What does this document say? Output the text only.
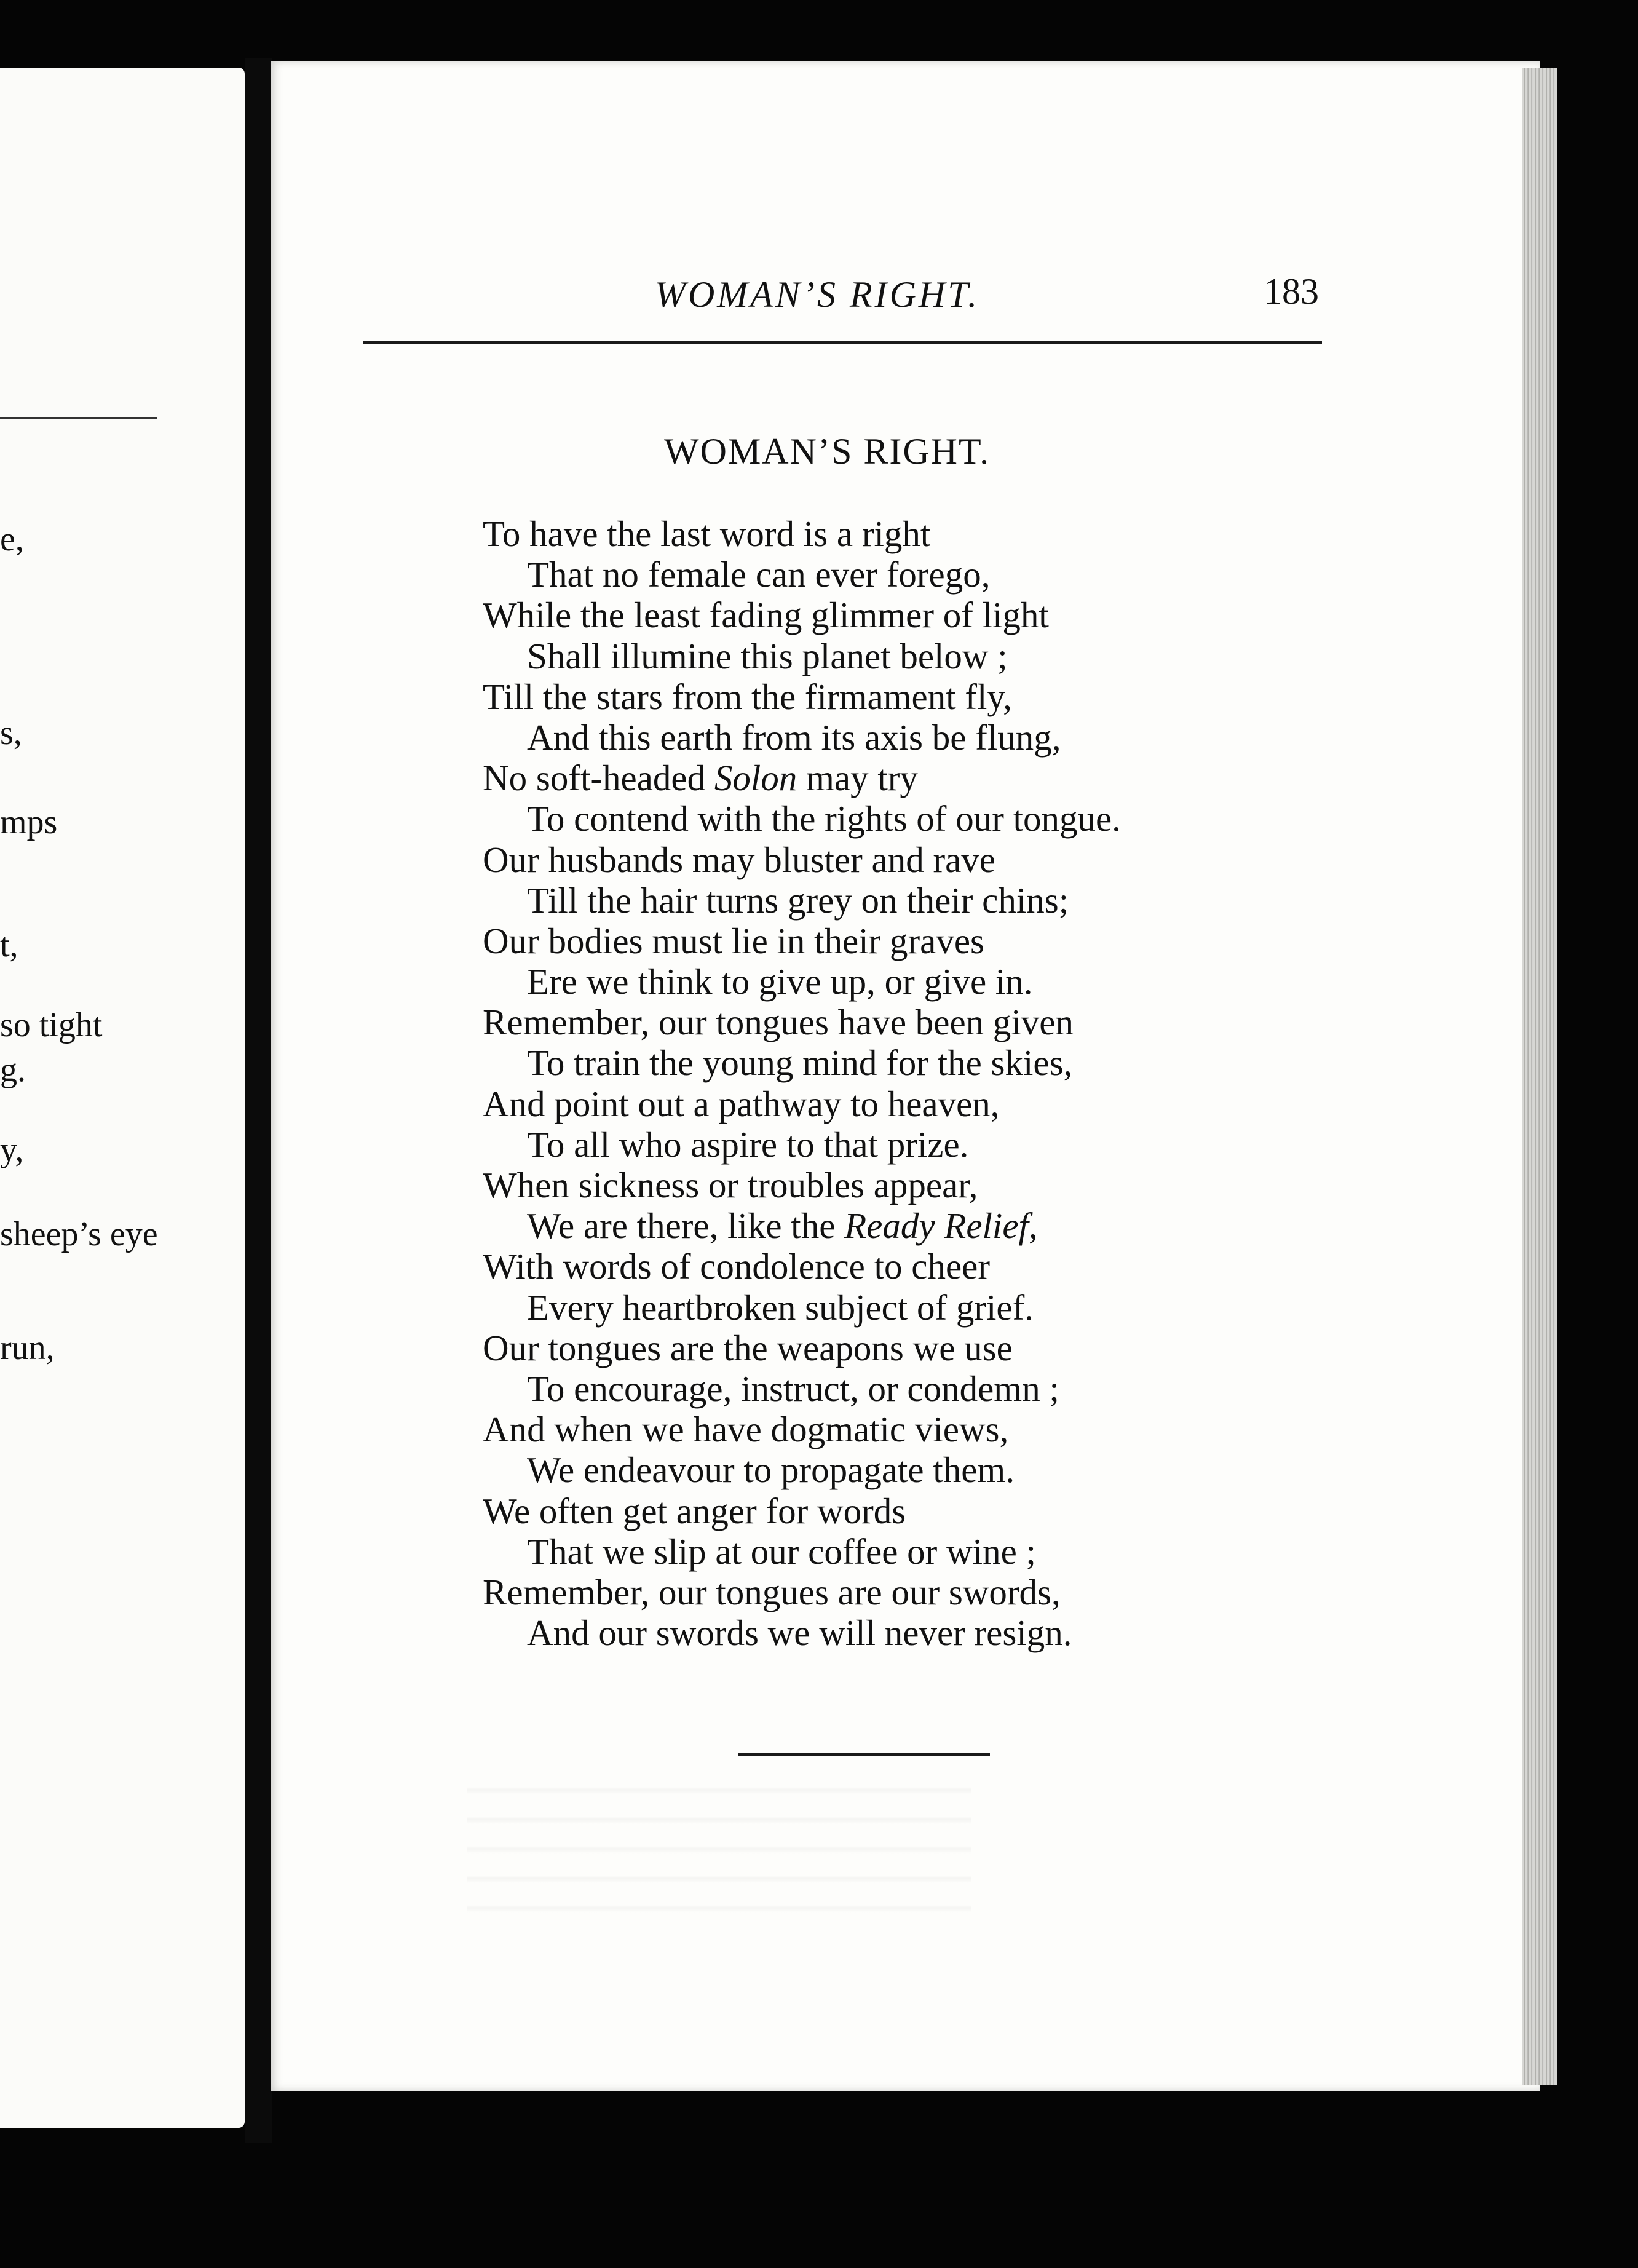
e,
s,
mps
t,
so tight
g.
y,
sheep’s eye
run,
WOMAN’S RIGHT.	183
WOMAN’S RIGHT.
To have the last word is a right
That no female can ever forego,
While the least fading glimmer of light
Shall illumine this planet below ;
Till the stars from the firmament fly,
And this earth from its axis be flung,
No soft-headed Solon may try
To contend with the rights of our tongue.
Our husbands may bluster and rave
Till the hair turns grey on their chins;
Our bodies must lie in their graves
Ere we think to give up, or give in.
Remember, our tongues have been given
To train the young mind for the skies,
And point out a pathway to heaven,
To all who aspire to that prize.
When sickness or troubles appear,
We are there, like the Ready Relief,
With words of condolence to cheer
Every heartbroken subject of grief.
Our tongues are the weapons we use
To encourage, instruct, or condemn ;
And when we have dogmatic views,
We endeavour to propagate them.
We often get anger for words
That we slip at our coffee or wine ;
Remember, our tongues are our swords,
And our swords we will never resign.
